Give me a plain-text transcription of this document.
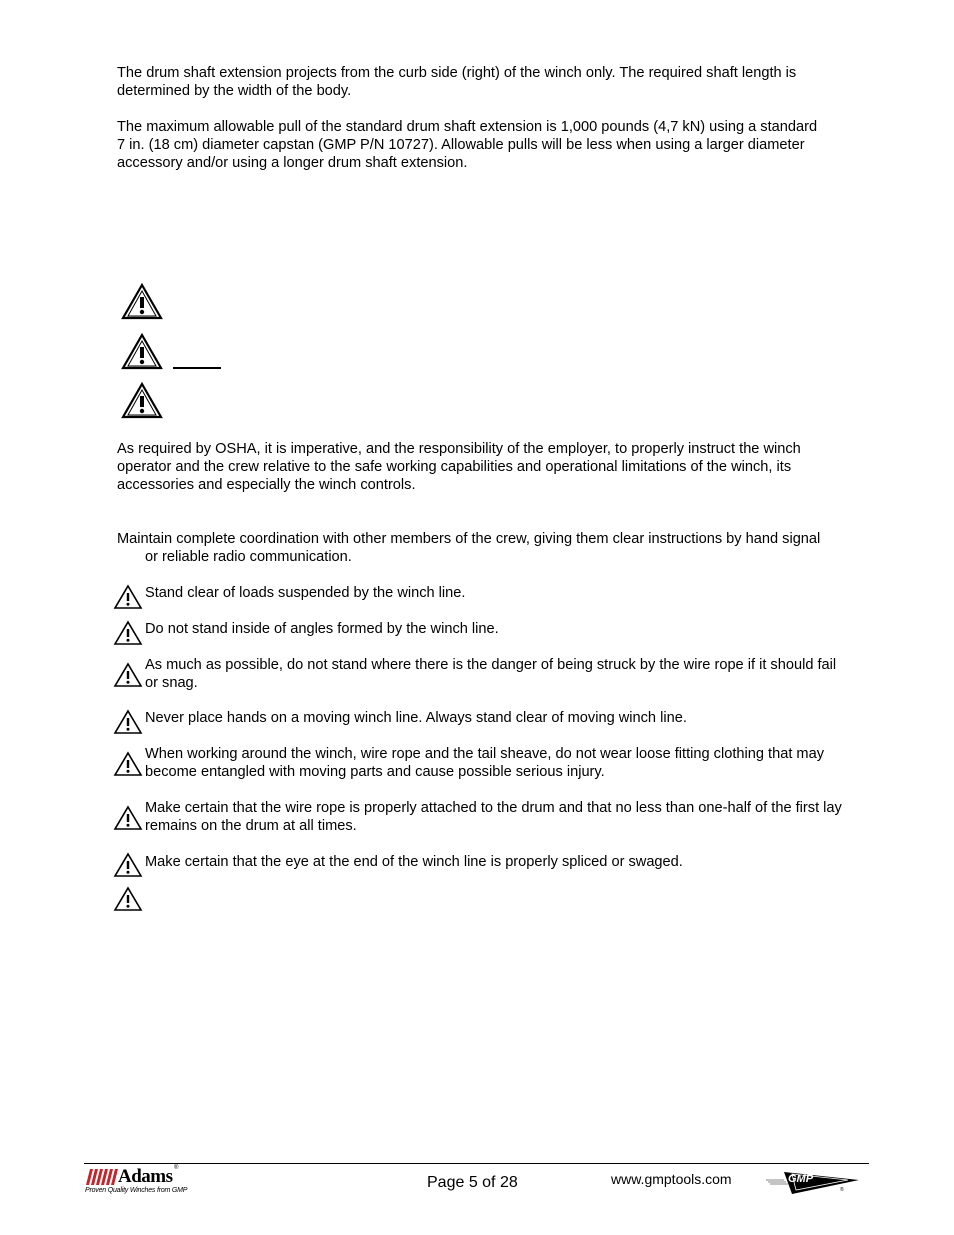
The drum shaft extension projects from the curb side (right) of the winch only. The required shaft length is determined by the width of the body.

The maximum allowable pull of the standard drum shaft extension is 1,000 pounds (4,7 kN) using a standard 7 in. (18 cm) diameter capstan (GMP P/N 10727). Allowable pulls will be less when using a larger diameter accessory and/or using a longer drum shaft extension.

As required by OSHA, it is imperative, and the responsibility of the employer, to properly instruct the winch operator and the crew relative to the safe working capabilities and operational limitations of the winch, its accessories and especially the winch controls.

Maintain complete coordination with other members of the crew, giving them clear instructions by hand signal or reliable radio communication.

Stand clear of loads suspended by the winch line.
Do not stand inside of angles formed by the winch line.
As much as possible, do not stand where there is the danger of being struck by the wire rope if it should fail or snag.
Never place hands on a moving winch line. Always stand clear of moving winch line.
When working around the winch, wire rope and the tail sheave, do not wear loose fitting clothing that may become entangled with moving parts and cause possible serious injury.
Make certain that the wire rope is properly attached to the drum and that no less than one-half of the first lay remains on the drum at all times.
Make certain that the eye at the end of the winch line is properly spliced or swaged.
Adams ®
Proven Quality Winches from GMP	Page 5 of 28	www.gmptools.com	GMP
®
